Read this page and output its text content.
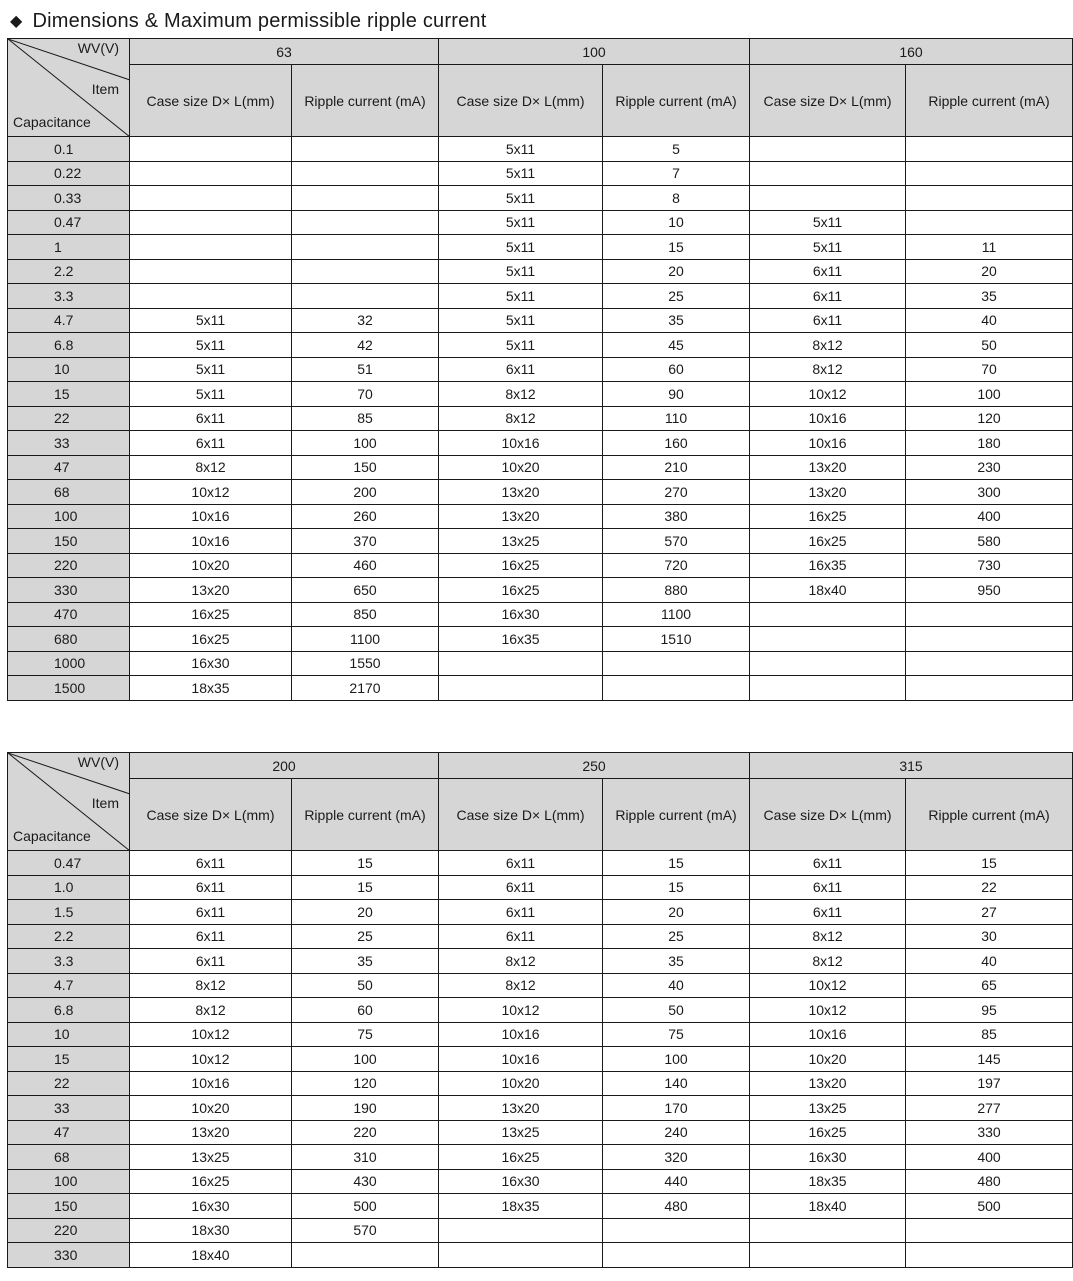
◆ Dimensions & Maximum permissible ripple current
WV(V)
Item
Capacitance	63		100		160	
	Case size D× L(mm)	Ripple current (mA)	Case size D× L(mm)	Ripple current (mA)	Case size D× L(mm)	Ripple current (mA)
0.1			5x11	5		
0.22			5x11	7		
0.33			5x11	8		
0.47			5x11	10	5x11	
1			5x11	15	5x11	11
2.2			5x11	20	6x11	20
3.3			5x11	25	6x11	35
4.7	5x11	32	5x11	35	6x11	40
6.8	5x11	42	5x11	45	8x12	50
10	5x11	51	6x11	60	8x12	70
15	5x11	70	8x12	90	10x12	100
22	6x11	85	8x12	110	10x16	120
33	6x11	100	10x16	160	10x16	180
47	8x12	150	10x20	210	13x20	230
68	10x12	200	13x20	270	13x20	300
100	10x16	260	13x20	380	16x25	400
150	10x16	370	13x25	570	16x25	580
220	10x20	460	16x25	720	16x35	730
330	13x20	650	16x25	880	18x40	950
470	16x25	850	16x30	1100		
680	16x25	1100	16x35	1510		
1000	16x30	1550				
1500	18x35	2170				
WV(V)
Item
Capacitance	200		250		315	
	Case size D× L(mm)	Ripple current (mA)	Case size D× L(mm)	Ripple current (mA)	Case size D× L(mm)	Ripple current (mA)
0.47	6x11	15	6x11	15	6x11	15
1.0	6x11	15	6x11	15	6x11	22
1.5	6x11	20	6x11	20	6x11	27
2.2	6x11	25	6x11	25	8x12	30
3.3	6x11	35	8x12	35	8x12	40
4.7	8x12	50	8x12	40	10x12	65
6.8	8x12	60	10x12	50	10x12	95
10	10x12	75	10x16	75	10x16	85
15	10x12	100	10x16	100	10x20	145
22	10x16	120	10x20	140	13x20	197
33	10x20	190	13x20	170	13x25	277
47	13x20	220	13x25	240	16x25	330
68	13x25	310	16x25	320	16x30	400
100	16x25	430	16x30	440	18x35	480
150	16x30	500	18x35	480	18x40	500
220	18x30	570				
330	18x40					
